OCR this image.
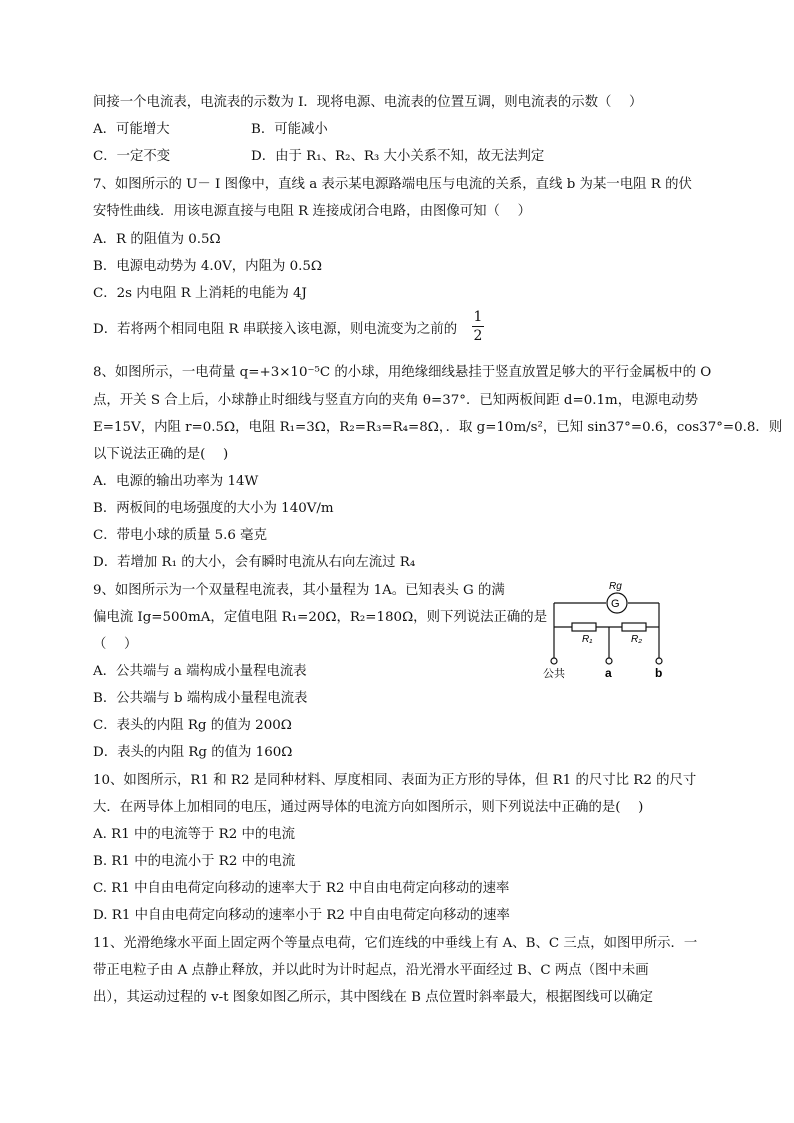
间接一个电流表，电流表的示数为 I．现将电源、电流表的位置互调，则电流表的示数（　 ）
A．可能增大	B．可能减小
C．一定不变	D．由于 R₁、R₂、R₃ 大小关系不知，故无法判定
7、如图所示的 U－ I 图像中，直线 a 表示某电源路端电压与电流的关系，直线 b 为某一电阻 R 的伏
安特性曲线．用该电源直接与电阻 R 连接成闭合电路，由图像可知（　 ）
A．R 的阻值为 0.5Ω
B．电源电动势为 4.0V，内阻为 0.5Ω
C．2s 内电阻 R 上消耗的电能为 4J
D．若将两个相同电阻 R 串联接入该电源，则电流变为之前的
1
2
8、如图所示，一电荷量 q=+3×10⁻⁵C 的小球，用绝缘细线悬挂于竖直放置足够大的平行金属板中的 O
点，开关 S 合上后，小球静止时细线与竖直方向的夹角 θ=37°．已知两板间距 d=0.1m，电源电动势
E=15V，内阻 r=0.5Ω，电阻 R₁=3Ω，R₂=R₃=R₄=8Ω，．取 g=10m/s²，已知 sin37°=0.6，cos37°=0.8．则
以下说法正确的是(　 )
A．电源的输出功率为 14W
B．两板间的电场强度的大小为 140V/m
C．带电小球的质量 5.6 毫克
D．若增加 R₁ 的大小，会有瞬时电流从右向左流过 R₄
9、如图所示为一个双量程电流表，其小量程为 1A。已知表头 G 的满
偏电流 Ig=500mA，定值电阻 R₁=20Ω，R₂=180Ω，则下列说法正确的是
（　 ）
A．公共端与 a 端构成小量程电流表
B．公共端与 b 端构成小量程电流表
C．表头的内阻 Rg 的值为 200Ω
D．表头的内阻 Rg 的值为 160Ω
G
Rg
R₁	R₂
公共	a	b
10、如图所示，R1 和 R2 是同种材料、厚度相同、表面为正方形的导体，但 R1 的尺寸比 R2 的尺寸
大．在两导体上加相同的电压，通过两导体的电流方向如图所示，则下列说法中正确的是(　 )
A. R1 中的电流等于 R2 中的电流
B. R1 中的电流小于 R2 中的电流
C. R1 中自由电荷定向移动的速率大于 R2 中自由电荷定向移动的速率
D. R1 中自由电荷定向移动的速率小于 R2 中自由电荷定向移动的速率
11、光滑绝缘水平面上固定两个等量点电荷，它们连线的中垂线上有 A、B、C 三点，如图甲所示．一
带正电粒子由 A 点静止释放，并以此时为计时起点，沿光滑水平面经过 B、C 两点（图中未画
出），其运动过程的 v-t 图象如图乙所示，其中图线在 B 点位置时斜率最大，根据图线可以确定
